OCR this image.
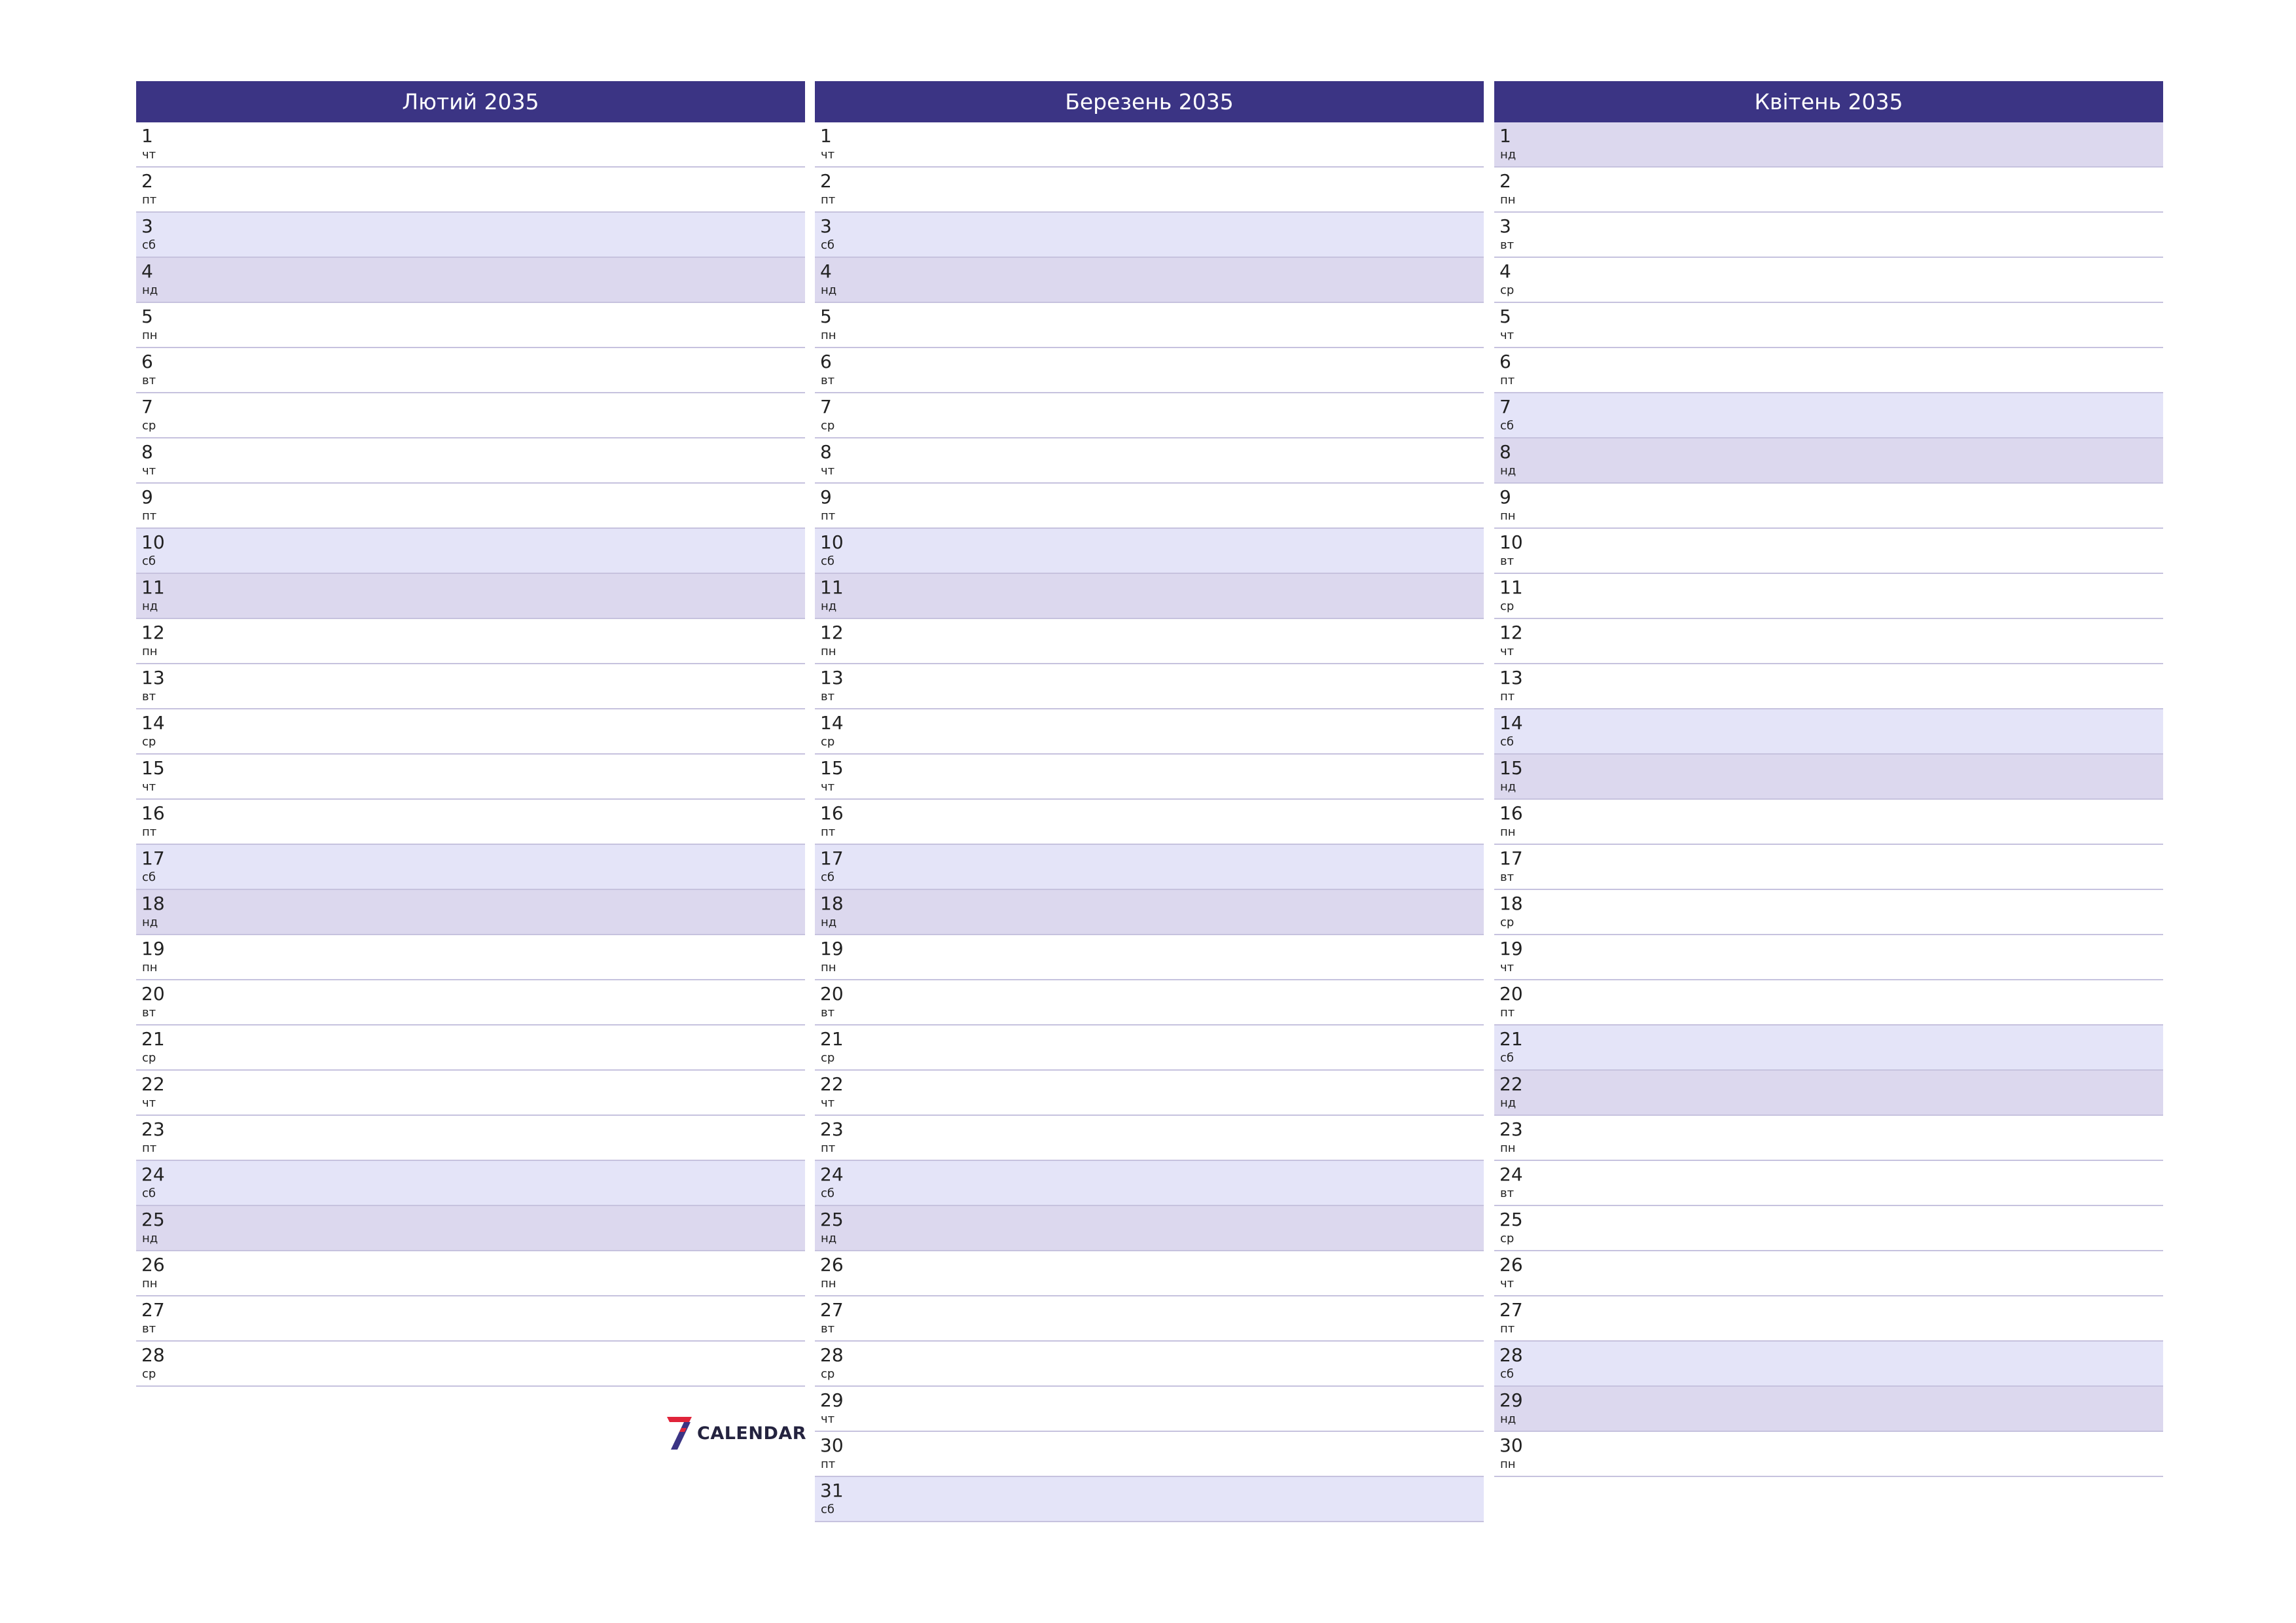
Лютий 2035
1
чт
2
пт
3
сб
4
нд
5
пн
6
вт
7
ср
8
чт
9
пт
10
сб
11
нд
12
пн
13
вт
14
ср
15
чт
16
пт
17
сб
18
нд
19
пн
20
вт
21
ср
22
чт
23
пт
24
сб
25
нд
26
пн
27
вт
28
ср
Березень 2035
1
чт
2
пт
3
сб
4
нд
5
пн
6
вт
7
ср
8
чт
9
пт
10
сб
11
нд
12
пн
13
вт
14
ср
15
чт
16
пт
17
сб
18
нд
19
пн
20
вт
21
ср
22
чт
23
пт
24
сб
25
нд
26
пн
27
вт
28
ср
29
чт
30
пт
31
сб
Квітень 2035
1
нд
2
пн
3
вт
4
ср
5
чт
6
пт
7
сб
8
нд
9
пн
10
вт
11
ср
12
чт
13
пт
14
сб
15
нд
16
пн
17
вт
18
ср
19
чт
20
пт
21
сб
22
нд
23
пн
24
вт
25
ср
26
чт
27
пт
28
сб
29
нд
30
пн
CALENDAR
